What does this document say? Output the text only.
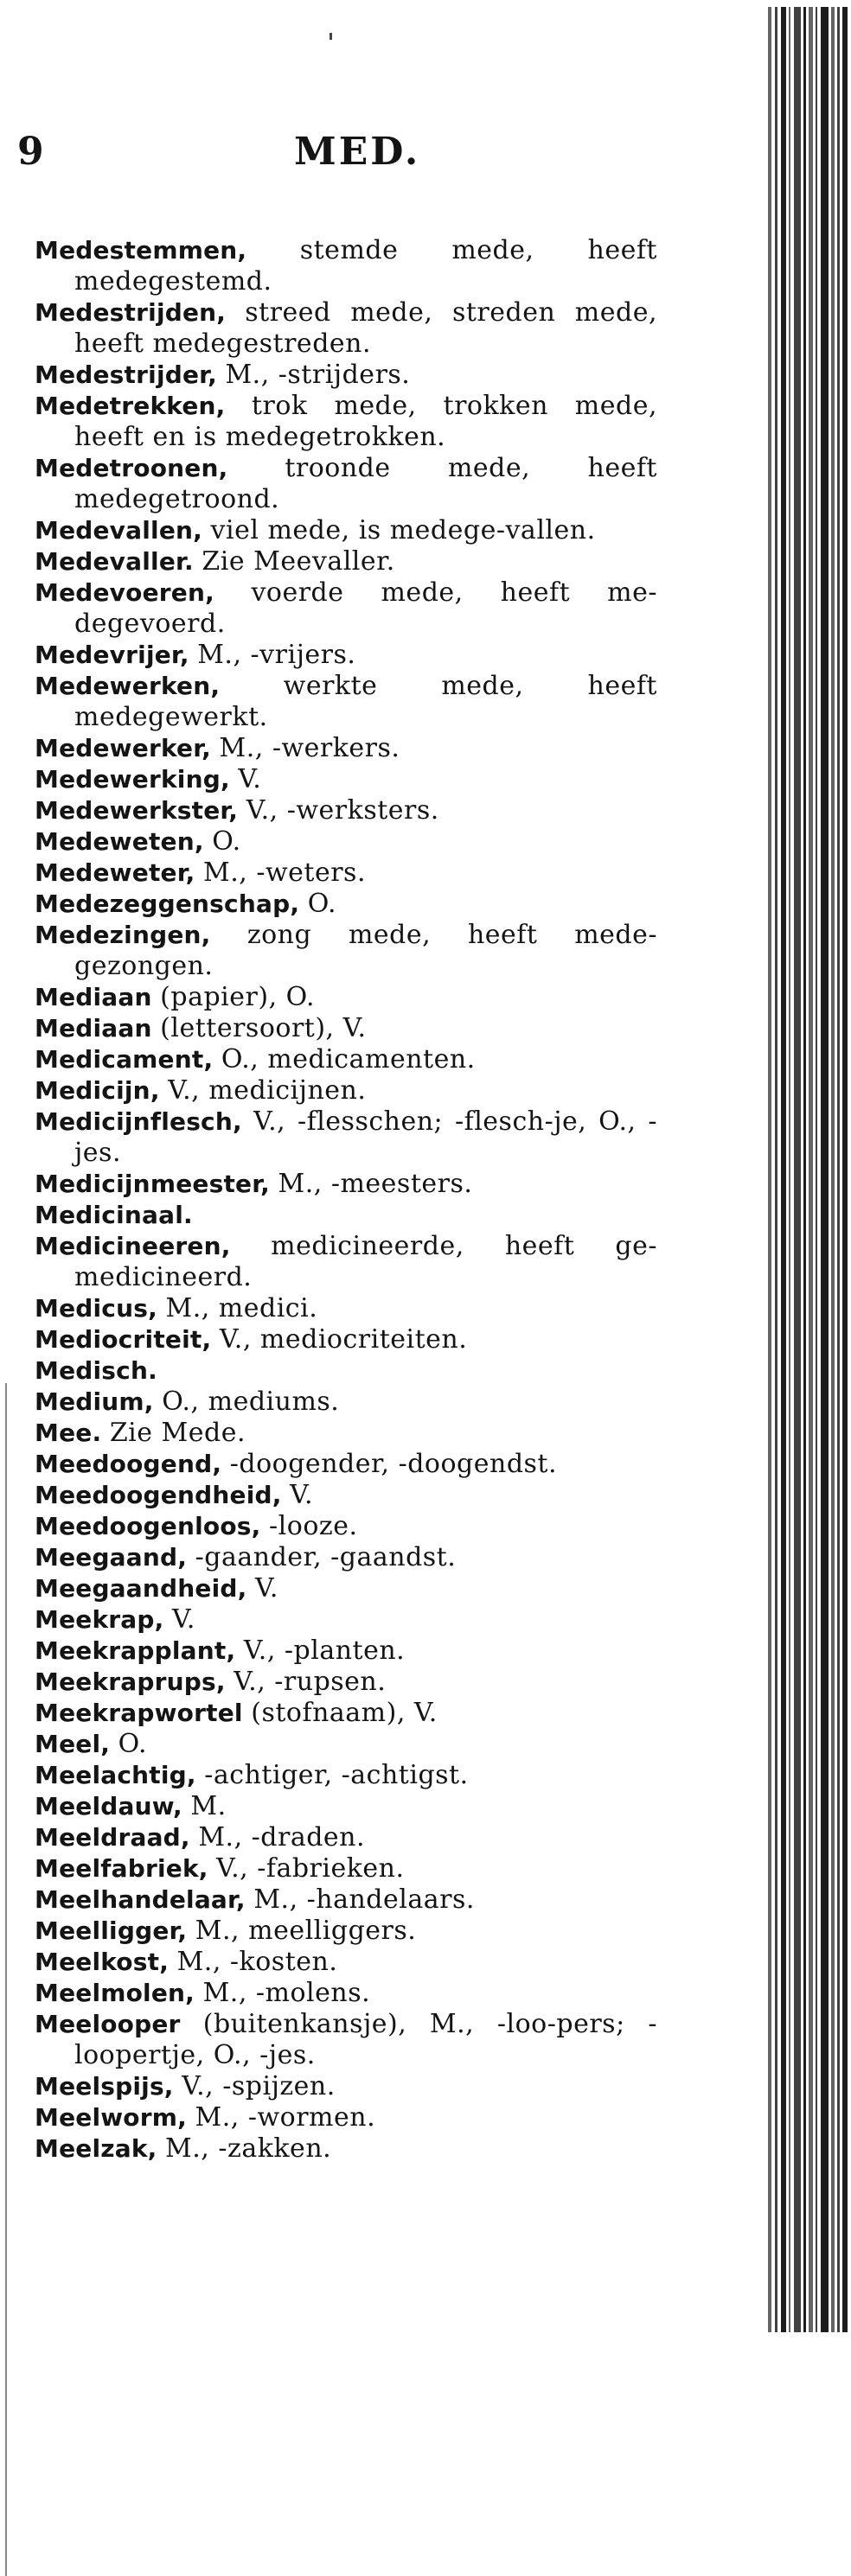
9	MED.
Medestemmen, stemde mede, heeft medegestemd.
Medestrijden, streed mede, streden mede, heeft medegestreden.
Medestrijder, M., -strijders.
Medetrekken, trok mede, trokken mede, heeft en is medegetrokken.
Medetroonen, troonde mede, heeft medegetroond.
Medevallen, viel mede, is medege-vallen.
Medevaller. Zie Meevaller.
Medevoeren, voerde mede, heeft me-degevoerd.
Medevrijer, M., -vrijers.
Medewerken, werkte mede, heeft medegewerkt.
Medewerker, M., -werkers.
Medewerking, V.
Medewerkster, V., -werksters.
Medeweten, O.
Medeweter, M., -weters.
Medezeggenschap, O.
Medezingen, zong mede, heeft mede-gezongen.
Mediaan (papier), O.
Mediaan (lettersoort), V.
Medicament, O., medicamenten.
Medicijn, V., medicijnen.
Medicijnflesch, V., -flesschen; -flesch-je, O., -jes.
Medicijnmeester, M., -meesters.
Medicinaal.
Medicineeren, medicineerde, heeft ge-medicineerd.
Medicus, M., medici.
Mediocriteit, V., mediocriteiten.
Medisch.
Medium, O., mediums.
Mee. Zie Mede.
Meedoogend, -doogender, -doogendst.
Meedoogendheid, V.
Meedoogenloos, -looze.
Meegaand, -gaander, -gaandst.
Meegaandheid, V.
Meekrap, V.
Meekrapplant, V., -planten.
Meekraprups, V., -rupsen.
Meekrapwortel (stofnaam), V.
Meel, O.
Meelachtig, -achtiger, -achtigst.
Meeldauw, M.
Meeldraad, M., -draden.
Meelfabriek, V., -fabrieken.
Meelhandelaar, M., -handelaars.
Meelligger, M., meelliggers.
Meelkost, M., -kosten.
Meelmolen, M., -molens.
Meelooper (buitenkansje), M., -loo-pers; -loopertje, O., -jes.
Meelspijs, V., -spijzen.
Meelworm, M., -wormen.
Meelzak, M., -zakken.
